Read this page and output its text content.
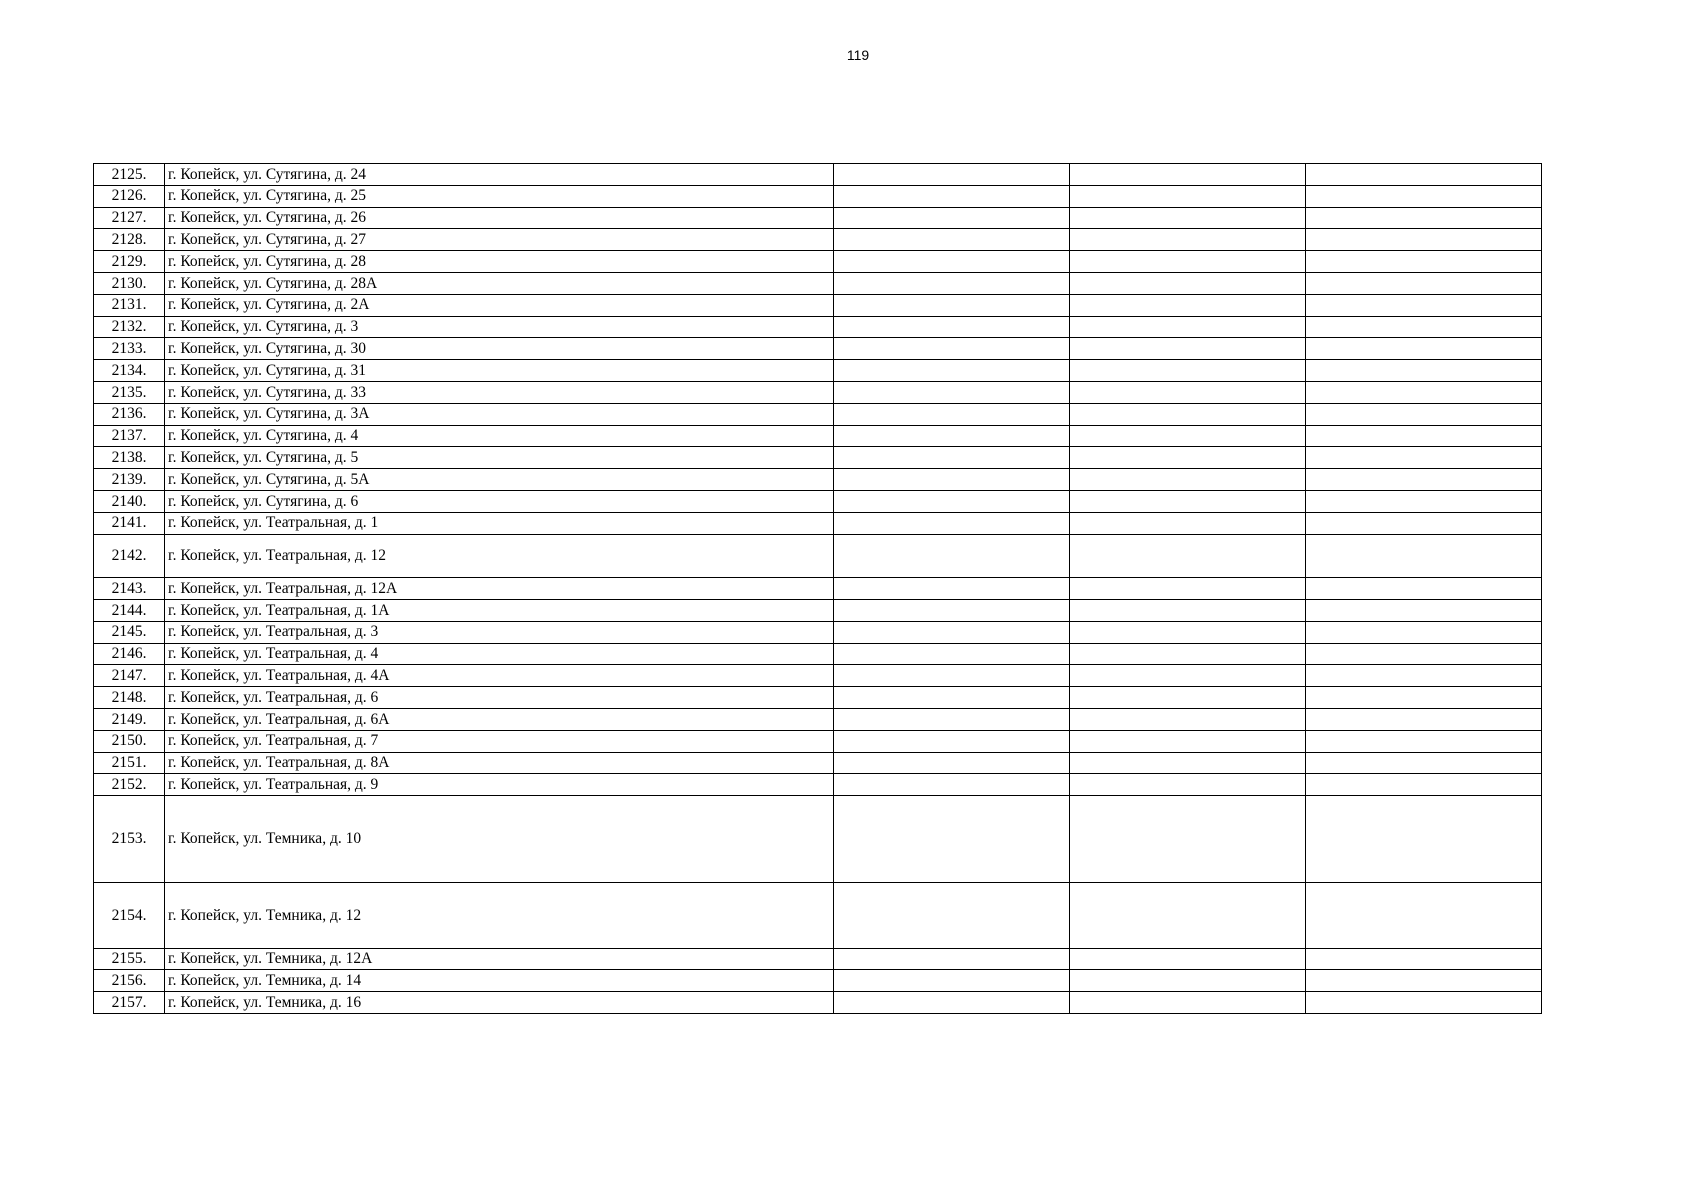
119
2125.	г. Копейск, ул. Сутягина, д. 24			
2126.	г. Копейск, ул. Сутягина, д. 25			
2127.	г. Копейск, ул. Сутягина, д. 26			
2128.	г. Копейск, ул. Сутягина, д. 27			
2129.	г. Копейск, ул. Сутягина, д. 28			
2130.	г. Копейск, ул. Сутягина, д. 28А			
2131.	г. Копейск, ул. Сутягина, д. 2А			
2132.	г. Копейск, ул. Сутягина, д. 3			
2133.	г. Копейск, ул. Сутягина, д. 30			
2134.	г. Копейск, ул. Сутягина, д. 31			
2135.	г. Копейск, ул. Сутягина, д. 33			
2136.	г. Копейск, ул. Сутягина, д. 3А			
2137.	г. Копейск, ул. Сутягина, д. 4			
2138.	г. Копейск, ул. Сутягина, д. 5			
2139.	г. Копейск, ул. Сутягина, д. 5А			
2140.	г. Копейск, ул. Сутягина, д. 6			
2141.	г. Копейск, ул. Театральная, д. 1			
2142.	г. Копейск, ул. Театральная, д. 12			
2143.	г. Копейск, ул. Театральная, д. 12А			
2144.	г. Копейск, ул. Театральная, д. 1А			
2145.	г. Копейск, ул. Театральная, д. 3			
2146.	г. Копейск, ул. Театральная, д. 4			
2147.	г. Копейск, ул. Театральная, д. 4А			
2148.	г. Копейск, ул. Театральная, д. 6			
2149.	г. Копейск, ул. Театральная, д. 6А			
2150.	г. Копейск, ул. Театральная, д. 7			
2151.	г. Копейск, ул. Театральная, д. 8А			
2152.	г. Копейск, ул. Театральная, д. 9			
2153.	г. Копейск, ул. Темника, д. 10			
2154.	г. Копейск, ул. Темника, д. 12			
2155.	г. Копейск, ул. Темника, д. 12А			
2156.	г. Копейск, ул. Темника, д. 14			
2157.	г. Копейск, ул. Темника, д. 16			
